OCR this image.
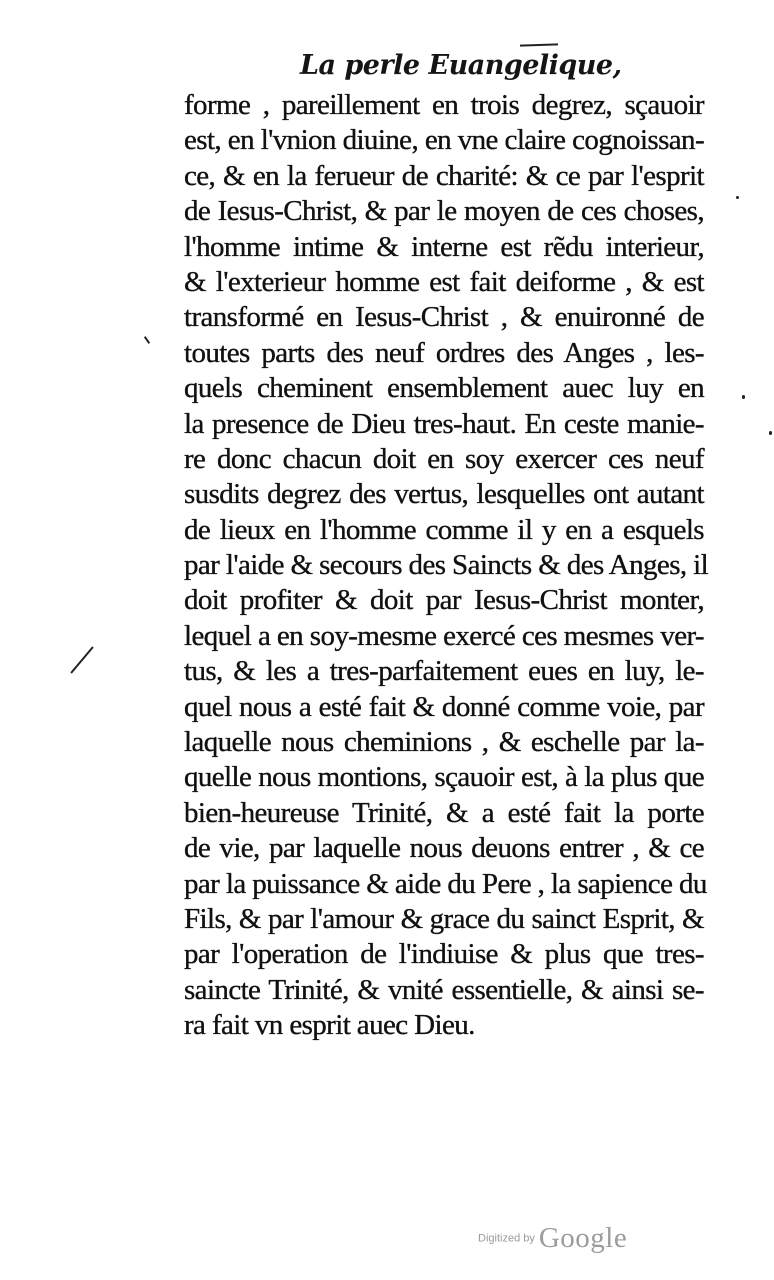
La perle Euangelique,
forme , pareillement en trois degrez, sçauoir
est, en l'vnion diuine, en vne claire cognoissan-
ce, & en la ferueur de charité: & ce par l'esprit
de Iesus-Christ, & par le moyen de ces choses,
l'homme intime & interne est rẽdu interieur,
& l'exterieur homme est fait deiforme , & est
transformé en Iesus-Christ , & enuironné de
toutes parts des neuf ordres des Anges , les-
quels cheminent ensemblement auec luy en
la presence de Dieu tres-haut. En ceste manie-
re donc chacun doit en soy exercer ces neuf
susdits degrez des vertus, lesquelles ont autant
de lieux en l'homme comme il y en a esquels
par l'aide & secours des Saincts & des Anges, il
doit profiter & doit par Iesus-Christ monter,
lequel a en soy-mesme exercé ces mesmes ver-
tus, & les a tres-parfaitement eues en luy, le-
quel nous a esté fait & donné comme voie, par
laquelle nous cheminions , & eschelle par la-
quelle nous montions, sçauoir est, à la plus que
bien-heureuse Trinité, & a esté fait la porte
de vie, par laquelle nous deuons entrer , & ce
par la puissance & aide du Pere , la sapience du
Fils, & par l'amour & grace du sainct Esprit, &
par l'operation de l'indiuise & plus que tres-
saincte Trinité, & vnité essentielle, & ainsi se-
ra fait vn esprit auec Dieu.
Digitized by Google
